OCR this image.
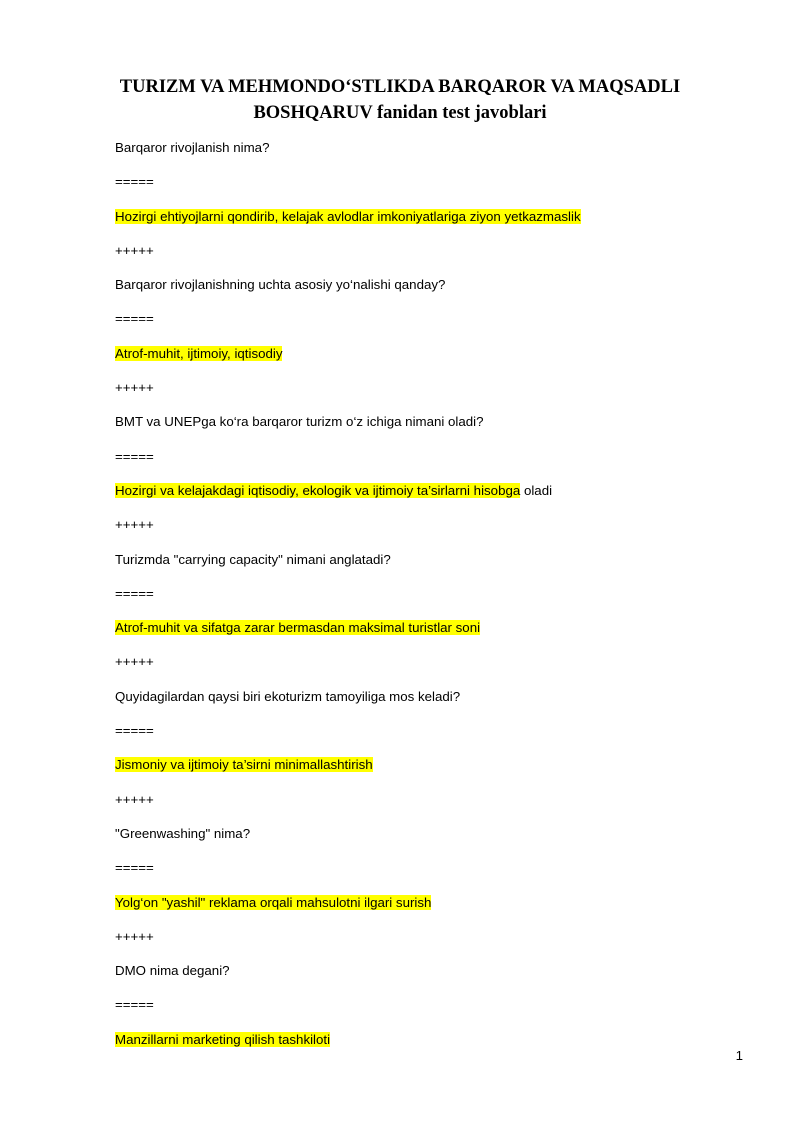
TURIZM VA MEHMONDO‘STLIKDA BARQAROR VA MAQSADLI
BOSHQARUV fanidan test javoblari
Barqaror rivojlanish nima?
=====
Hozirgi ehtiyojlarni qondirib, kelajak avlodlar imkoniyatlariga ziyon yetkazmaslik
+++++
Barqaror rivojlanishning uchta asosiy yo‘nalishi qanday?
=====
Atrof-muhit, ijtimoiy, iqtisodiy
+++++
BMT va UNEPga ko‘ra barqaror turizm o‘z ichiga nimani oladi?
=====
Hozirgi va kelajakdagi iqtisodiy, ekologik va ijtimoiy ta’sirlarni hisobga oladi
+++++
Turizmda "carrying capacity" nimani anglatadi?
=====
Atrof-muhit va sifatga zarar bermasdan maksimal turistlar soni
+++++
Quyidagilardan qaysi biri ekoturizm tamoyiliga mos keladi?
=====
Jismoniy va ijtimoiy ta’sirni minimallashtirish
+++++
"Greenwashing" nima?
=====
Yolg‘on "yashil" reklama orqali mahsulotni ilgari surish
+++++
DMO nima degani?
=====
Manzillarni marketing qilish tashkiloti
1
